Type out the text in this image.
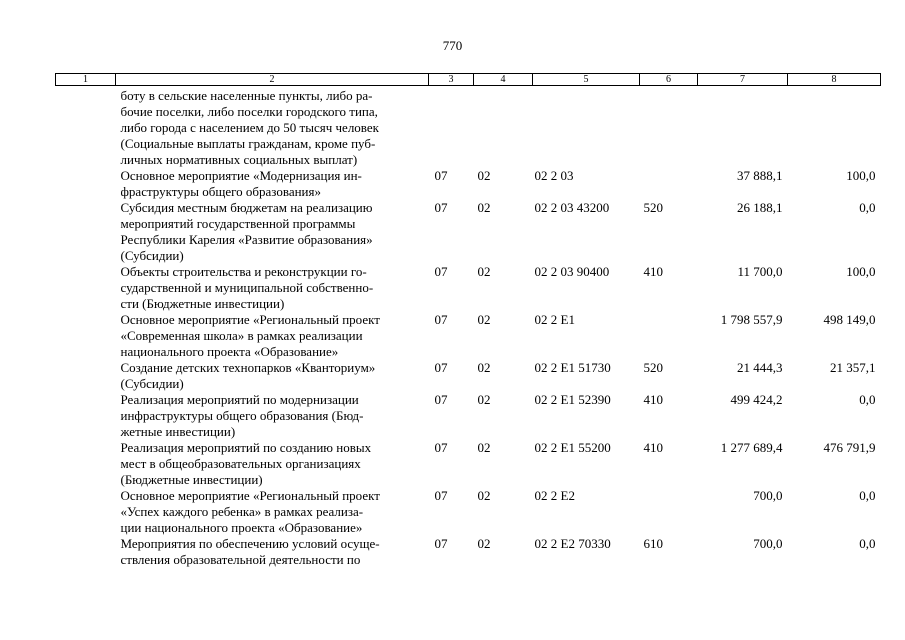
770
1	2	3	4	5	6	7	8

	боту в сельские населенные пункты, либо ра-
бочие поселки, либо поселки городского типа,
либо города с населением до 50 тысяч человек
(Социальные выплаты гражданам, кроме пуб-
личных нормативных социальных выплат)						

	Основное мероприятие «Модернизация ин-
фраструктуры общего образования»	07	02	02 2 03		37 888,1	100,0

	Субсидия местным бюджетам на реализацию
мероприятий государственной программы
Республики Карелия «Развитие образования»
(Субсидии)	07	02	02 2 03 43200	520	26 188,1	0,0

	Объекты строительства и реконструкции го-
сударственной и муниципальной собственно-
сти (Бюджетные инвестиции)	07	02	02 2 03 90400	410	11 700,0	100,0

	Основное мероприятие «Региональный проект
«Современная школа» в рамках реализации
национального проекта «Образование»	07	02	02 2 E1		1 798 557,9	498 149,0

	Создание детских технопарков «Кванториум»
(Субсидии)	07	02	02 2 E1 51730	520	21 444,3	21 357,1

	Реализация мероприятий по модернизации
инфраструктуры общего образования (Бюд-
жетные инвестиции)	07	02	02 2 E1 52390	410	499 424,2	0,0

	Реализация мероприятий по созданию новых
мест в общеобразовательных организациях
(Бюджетные инвестиции)	07	02	02 2 E1 55200	410	1 277 689,4	476 791,9

	Основное мероприятие «Региональный проект
«Успех каждого ребенка» в рамках реализа-
ции национального проекта «Образование»	07	02	02 2 E2		700,0	0,0

	Мероприятия по обеспечению условий осуще-
ствления образовательной деятельности по	07	02	02 2 E2 70330	610	700,0	0,0
